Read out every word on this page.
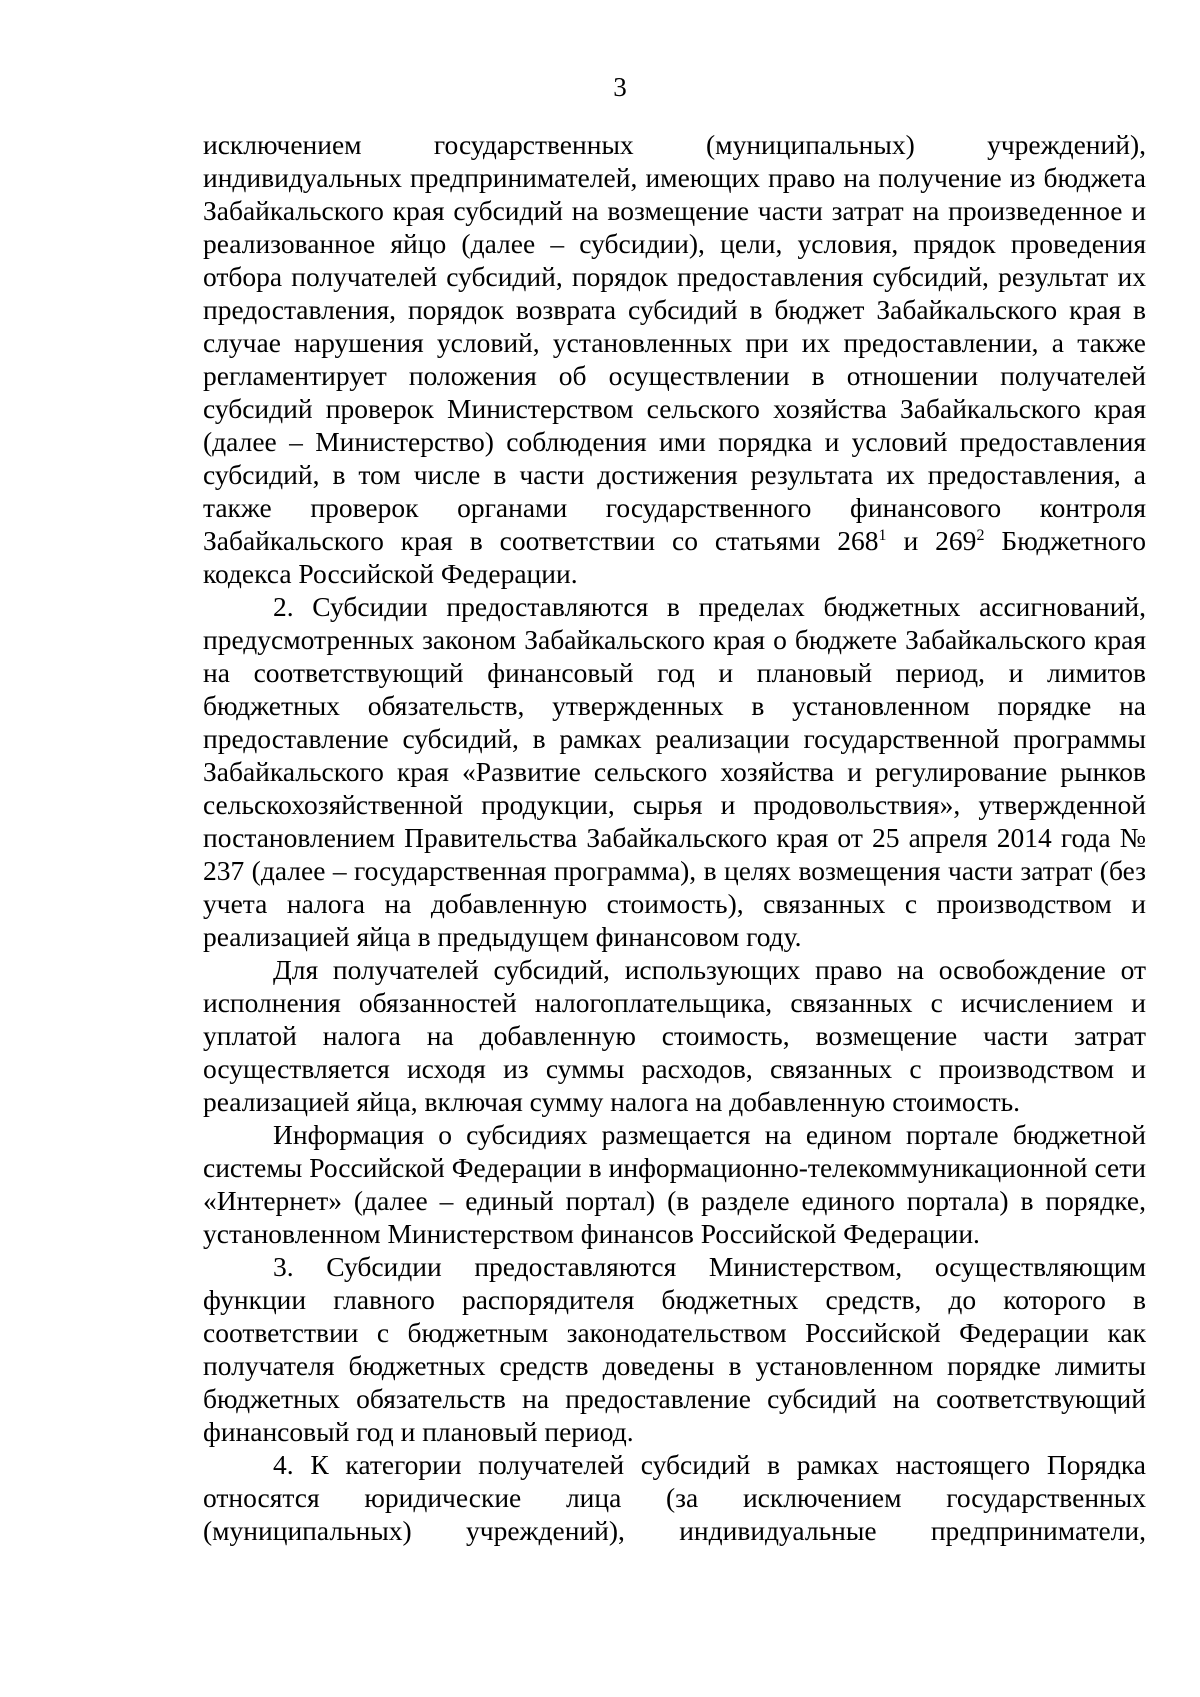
3

исключением государственных (муниципальных) учреждений), индивидуальных предпринимателей, имеющих право на получение из бюджета Забайкальского края субсидий на возмещение части затрат на произведенное и реализованное яйцо (далее – субсидии), цели, условия, прядок проведения отбора получателей субсидий, порядок предоставления субсидий, результат их предоставления, порядок возврата субсидий в бюджет Забайкальского края в случае нарушения условий, установленных при их предоставлении, а также регламентирует положения об осуществлении в отношении получателей субсидий проверок Министерством сельского хозяйства Забайкальского края (далее – Министерство) соблюдения ими порядка и условий предоставления субсидий, в том числе в части достижения результата их предоставления, а также проверок органами государственного финансового контроля Забайкальского края в соответствии со статьями $268^1$ и $269^2$ Бюджетного кодекса Российской Федерации.

2. Субсидии предоставляются в пределах бюджетных ассигнований, предусмотренных законом Забайкальского края о бюджете Забайкальского края на соответствующий финансовый год и плановый период, и лимитов бюджетных обязательств, утвержденных в установленном порядке на предоставление субсидий, в рамках реализации государственной программы Забайкальского края «Развитие сельского хозяйства и регулирование рынков сельскохозяйственной продукции, сырья и продовольствия», утвержденной постановлением Правительства Забайкальского края от 25 апреля 2014 года № 237 (далее – государственная программа), в целях возмещения части затрат (без учета налога на добавленную стоимость), связанных с производством и реализацией яйца в предыдущем финансовом году.

Для получателей субсидий, использующих право на освобождение от исполнения обязанностей налогоплательщика, связанных с исчислением и уплатой налога на добавленную стоимость, возмещение части затрат осуществляется исходя из суммы расходов, связанных с производством и реализацией яйца, включая сумму налога на добавленную стоимость.

Информация о субсидиях размещается на едином портале бюджетной системы Российской Федерации в информационно-телекоммуникационной сети «Интернет» (далее – единый портал) (в разделе единого портала) в порядке, установленном Министерством финансов Российской Федерации.

3. Субсидии предоставляются Министерством, осуществляющим функции главного распорядителя бюджетных средств, до которого в соответствии с бюджетным законодательством Российской Федерации как получателя бюджетных средств доведены в установленном порядке лимиты бюджетных обязательств на предоставление субсидий на соответствующий финансовый год и плановый период.

4. К категории получателей субсидий в рамках настоящего Порядка относятся юридические лица (за исключением государственных (муниципальных) учреждений), индивидуальные предприниматели,
